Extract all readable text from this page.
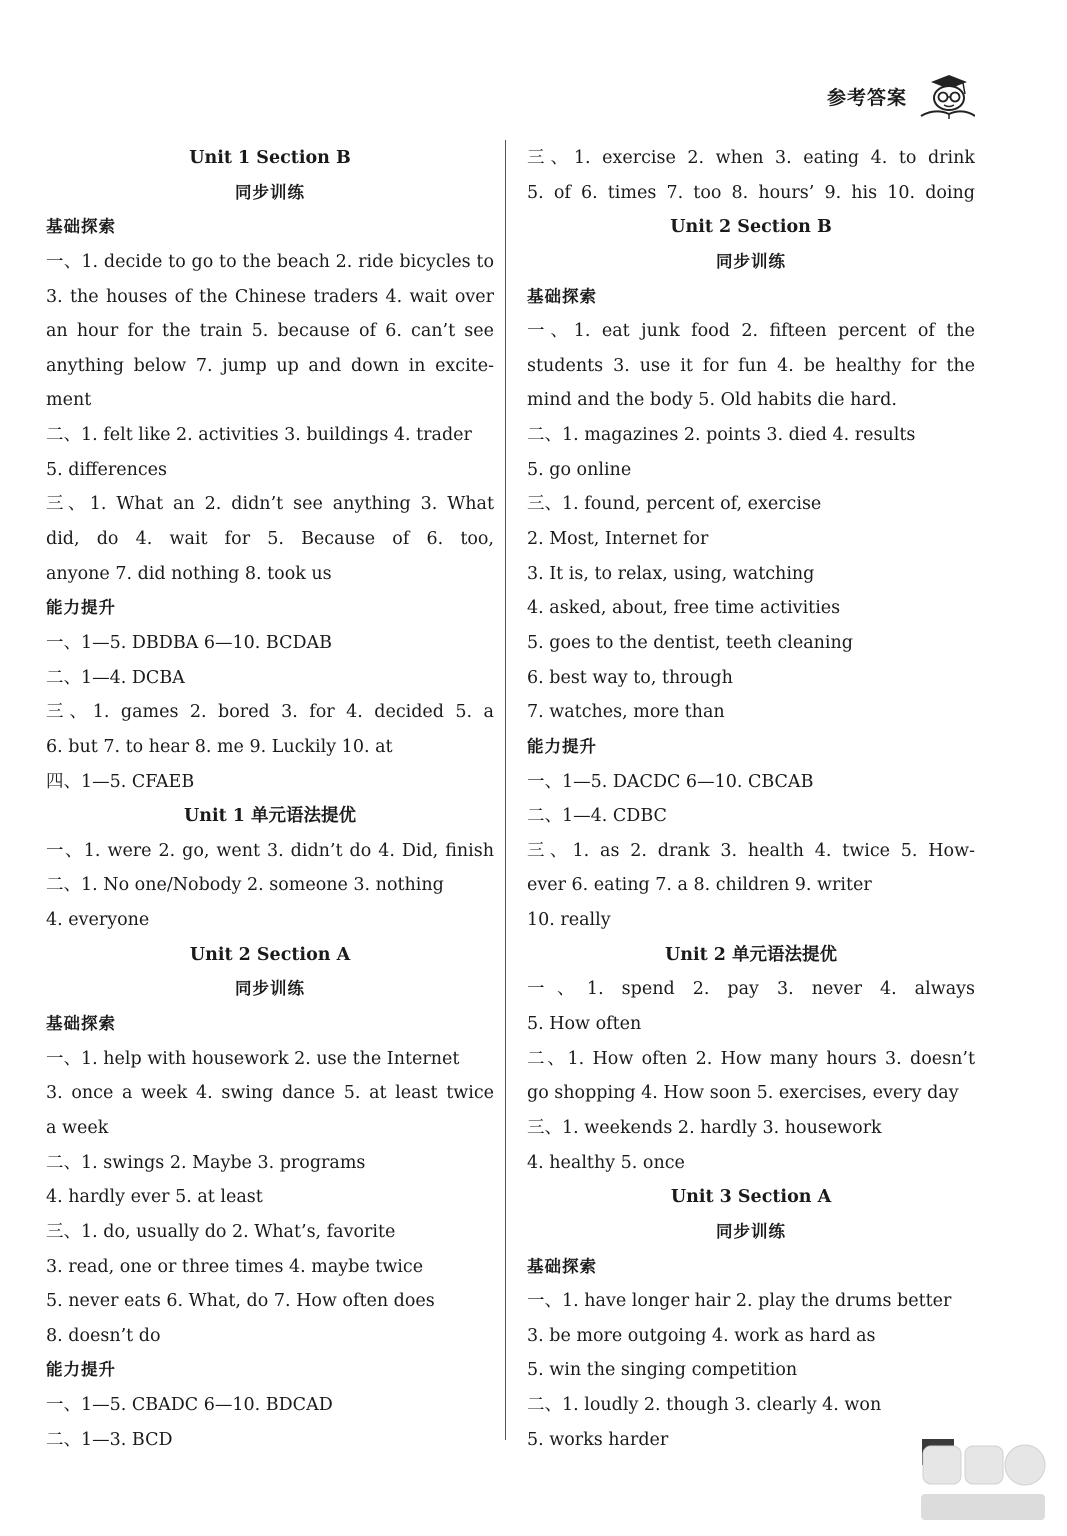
参考答案
Unit 1 Section B
同步训练
基础探索
一、1. decide to go to the beach 2. ride bicycles to
3. the houses of the Chinese traders 4. wait over
an hour for the train 5. because of 6. can’t see
anything below 7. jump up and down in excite-
ment
二、1. felt like 2. activities 3. buildings 4. trader
5. differences
三、1. What an 2. didn’t see anything 3. What
did, do 4. wait for 5. Because of 6. too,
anyone 7. did nothing 8. took us
能力提升
一、1—5. DBDBA 6—10. BCDAB
二、1—4. DCBA
三、1. games 2. bored 3. for 4. decided 5. a
6. but 7. to hear 8. me 9. Luckily 10. at
四、1—5. CFAEB
Unit 1 单元语法提优
一、1. were 2. go, went 3. didn’t do 4. Did, finish
二、1. No one/Nobody 2. someone 3. nothing
4. everyone
Unit 2 Section A
同步训练
基础探索
一、1. help with housework 2. use the Internet
3. once a week 4. swing dance 5. at least twice
a week
二、1. swings 2. Maybe 3. programs
4. hardly ever 5. at least
三、1. do, usually do 2. What’s, favorite
3. read, one or three times 4. maybe twice
5. never eats 6. What, do 7. How often does
8. doesn’t do
能力提升
一、1—5. CBADC 6—10. BDCAD
二、1—3. BCD
三、1. exercise 2. when 3. eating 4. to drink
5. of 6. times 7. too 8. hours’ 9. his 10. doing
Unit 2 Section B
同步训练
基础探索
一、1. eat junk food 2. fifteen percent of the
students 3. use it for fun 4. be healthy for the
mind and the body 5. Old habits die hard.
二、1. magazines 2. points 3. died 4. results
5. go online
三、1. found, percent of, exercise
2. Most, Internet for
3. It is, to relax, using, watching
4. asked, about, free time activities
5. goes to the dentist, teeth cleaning
6. best way to, through
7. watches, more than
能力提升
一、1—5. DACDC 6—10. CBCAB
二、1—4. CDBC
三、1. as 2. drank 3. health 4. twice 5. How-
ever 6. eating 7. a 8. children 9. writer
10. really
Unit 2 单元语法提优
一、1. spend 2. pay 3. never 4. always
5. How often
二、1. How often 2. How many hours 3. doesn’t
go shopping 4. How soon 5. exercises, every day
三、1. weekends 2. hardly 3. housework
4. healthy 5. once
Unit 3 Section A
同步训练
基础探索
一、1. have longer hair 2. play the drums better
3. be more outgoing 4. work as hard as
5. win the singing competition
二、1. loudly 2. though 3. clearly 4. won
5. works harder
